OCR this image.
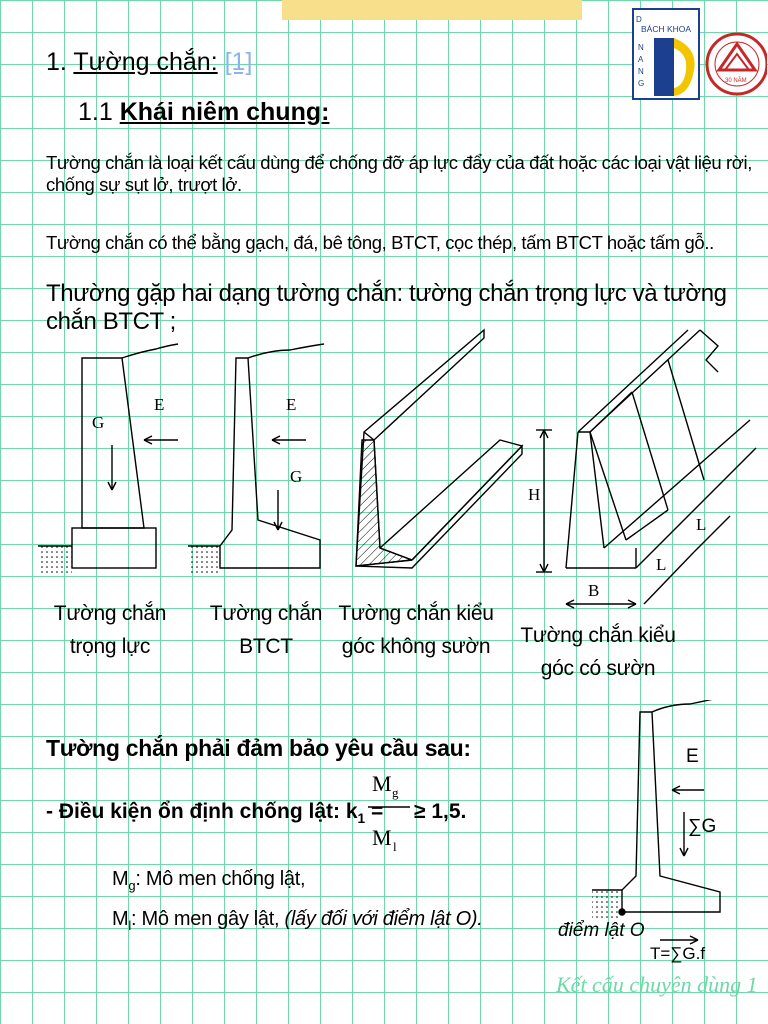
D
BÁCH KHOA
N
A
N
G	30 NĂM
1. Tường chắn: [1]
1.1 Khái niêm chung:
Tường chắn là loại kết cấu dùng để chống đỡ áp lực đẩy của đất hoặc các loại vật liệu rời, chống sự sụt lở, trượt lở.
Tường chắn có thể bằng gạch, đá, bê tông, BTCT, cọc thép, tấm BTCT hoặc tấm gỗ..
Thường gặp hai dạng tường chắn: tường chắn trọng lực và tường chắn BTCT ;
E
G
E
G
H
L
L
B
Tường chắn
trọng lực
Tường chắn
BTCT
Tường chắn kiểu
góc không sườn Tường chắn kiểu
góc có sườn
Tường chắn phải đảm bảo yêu cầu sau:
- Điều kiện ổn định chống lật: $k_1$ =
M g
M l
≥ 1,5.
$M_g$: Mô men chống lật,
$M_l$: Mô men gây lật, (lấy đối với điểm lật O).
E
∑G
điểm lật O
T=∑G.f
Kết cấu chuyên dùng 1
